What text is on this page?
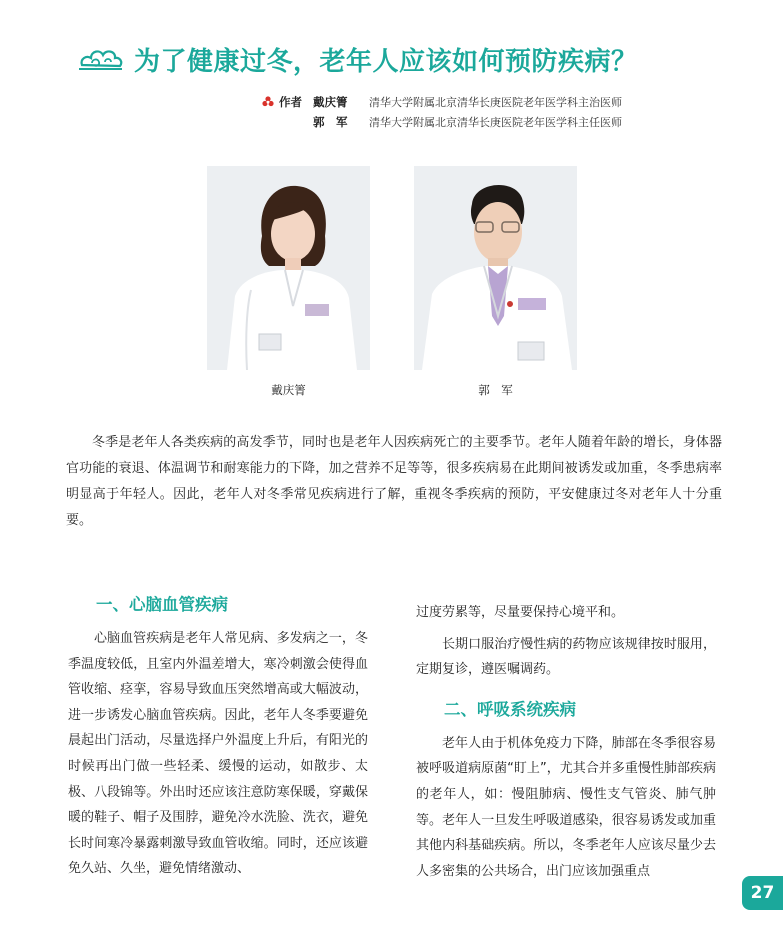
为了健康过冬，老年人应该如何预防疾病？
作者 戴庆箐	清华大学附属北京清华长庚医院老年医学科主治医师
郭　军	清华大学附属北京清华长庚医院老年医学科主任医师
戴庆箐	郭　军

冬季是老年人各类疾病的高发季节，同时也是老年人因疾病死亡的主要季节。老年人随着年龄的增长，身体器官功能的衰退、体温调节和耐寒能力的下降，加之营养不足等等，很多疾病易在此期间被诱发或加重，冬季患病率明显高于年轻人。因此，老年人对冬季常见疾病进行了解，重视冬季疾病的预防，平安健康过冬对老年人十分重要。

一、心脑血管疾病

心脑血管疾病是老年人常见病、多发病之一，冬季温度较低，且室内外温差增大，寒冷刺激会使得血管收缩、痉挛，容易导致血压突然增高或大幅波动，进一步诱发心脑血管疾病。因此，老年人冬季要避免晨起出门活动，尽量选择户外温度上升后，有阳光的时候再出门做一些轻柔、缓慢的运动，如散步、太极、八段锦等。外出时还应该注意防寒保暖，穿戴保暖的鞋子、帽子及围脖，避免冷水洗脸、洗衣，避免长时间寒冷暴露刺激导致血管收缩。同时，还应该避免久站、久坐，避免情绪激动、

过度劳累等，尽量要保持心境平和。

长期口服治疗慢性病的药物应该规律按时服用，定期复诊，遵医嘱调药。

二、呼吸系统疾病

老年人由于机体免疫力下降，肺部在冬季很容易被呼吸道病原菌“盯上”，尤其合并多重慢性肺部疾病的老年人，如：慢阻肺病、慢性支气管炎、肺气肿等。老年人一旦发生呼吸道感染，很容易诱发或加重其他内科基础疾病。所以，冬季老年人应该尽量少去人多密集的公共场合，出门应该加强重点

27
